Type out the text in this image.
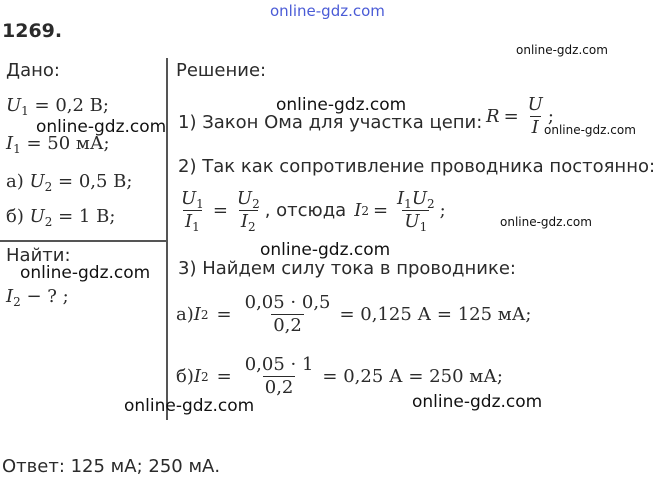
1269.
Дано:
$U_1 = 0,2$ В;
$I_1 = 50$ мА;
а) $U_2 = 0,5$ В;
б) $U_2 = 1$ В;
Найти:
$I_2$ − ? ;
Решение:
1) Закон Ома для участка цепи: $R = \frac{U}{I}$ ;
2) Так как сопротивление проводника постоянно:
$\frac{U_1}{I_1} = \frac{U_2}{I_2}$ , отсюда I $2 = \frac{I_1U_2}{U_1}$ ;
3) Найдем силу тока в проводнике:
а) I $2 = \frac{0,05 \cdot 0,5}{0,2} = 0,125$ А = 125 мА;
б) I $2 = \frac{0,05 \cdot 1}{0,2} = 0,25$ А = 250 мА;
Ответ: 125 мА; 250 мА.
online-gdz.com
online-gdz.com
online-gdz.com
online-gdz.com	online-gdz.com
online-gdz.com
online-gdz.com
online-gdz.com
online-gdz.com	online-gdz.com
